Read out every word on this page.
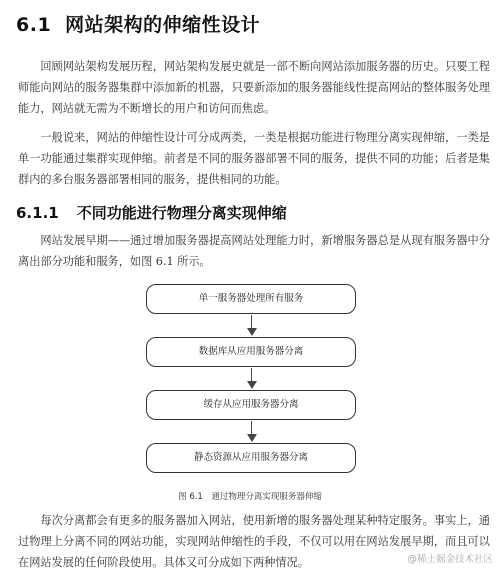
6.1 网站架构的伸缩性设计

回顾网站架构发展历程，网站架构发展史就是一部不断向网站添加服务器的历史。只要工程师能向网站的服务器集群中添加新的机器，只要新添加的服务器能线性提高网站的整体服务处理能力，网站就无需为不断增长的用户和访问而焦虑。

一般说来，网站的伸缩性设计可分成两类，一类是根据功能进行物理分离实现伸缩，一类是单一功能通过集群实现伸缩。前者是不同的服务器部署不同的服务，提供不同的功能；后者是集群内的多台服务器部署相同的服务，提供相同的功能。

6.1.1 不同功能进行物理分离实现伸缩

网站发展早期——通过增加服务器提高网站处理能力时，新增服务器总是从现有服务器中分离出部分功能和服务，如图 6.1 所示。

单一服务器处理所有服务
数据库从应用服务器分离
缓存从应用服务器分离
静态资源从应用服务器分离
图 6.1　通过物理分离实现服务器伸缩

每次分离都会有更多的服务器加入网站，使用新增的服务器处理某种特定服务。事实上，通过物理上分离不同的网站功能，实现网站伸缩性的手段，不仅可以用在网站发展早期，而且可以在网站发展的任何阶段使用。具体又可分成如下两种情况。	@稀土掘金技术社区
